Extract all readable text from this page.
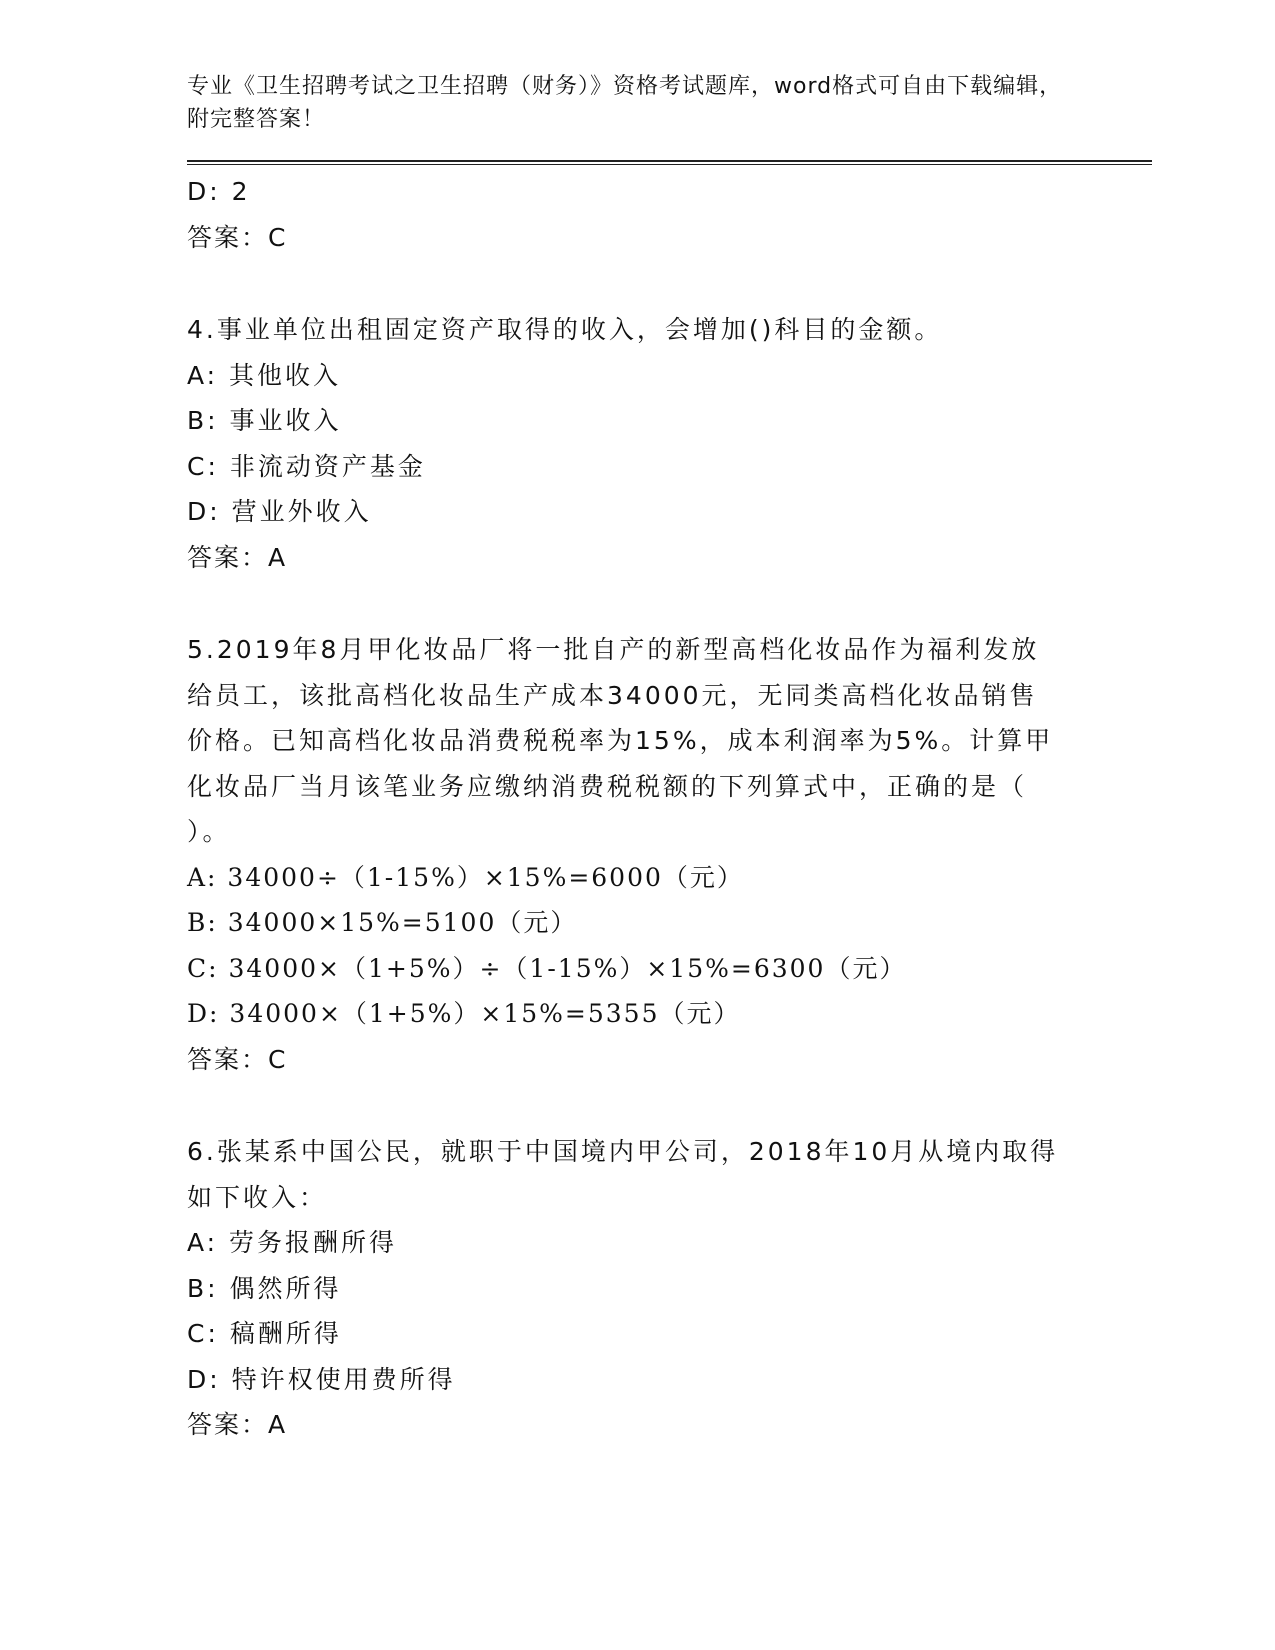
专业《卫生招聘考试之卫生招聘（财务）》资格考试题库，word格式可自由下载编辑，附完整答案！

D: 2
答案：C
4.事业单位出租固定资产取得的收入，会增加()科目的金额。
A: 其他收入
B: 事业收入
C: 非流动资产基金
D: 营业外收入
答案：A
5.2019年8月甲化妆品厂将一批自产的新型高档化妆品作为福利发放
给员工，该批高档化妆品生产成本34000元，无同类高档化妆品销售
价格。已知高档化妆品消费税税率为15%，成本利润率为5%。计算甲
化妆品厂当月该笔业务应缴纳消费税税额的下列算式中，正确的是（
）。
A: 34000÷（1-15%）×15%=6000（元）
B: 34000×15%=5100（元）
C: 34000×（1+5%）÷（1-15%）×15%=6300（元）
D: 34000×（1+5%）×15%=5355（元）
答案：C
6.张某系中国公民，就职于中国境内甲公司，2018年10月从境内取得
如下收入：
A: 劳务报酬所得
B: 偶然所得
C: 稿酬所得
D: 特许权使用费所得
答案：A
